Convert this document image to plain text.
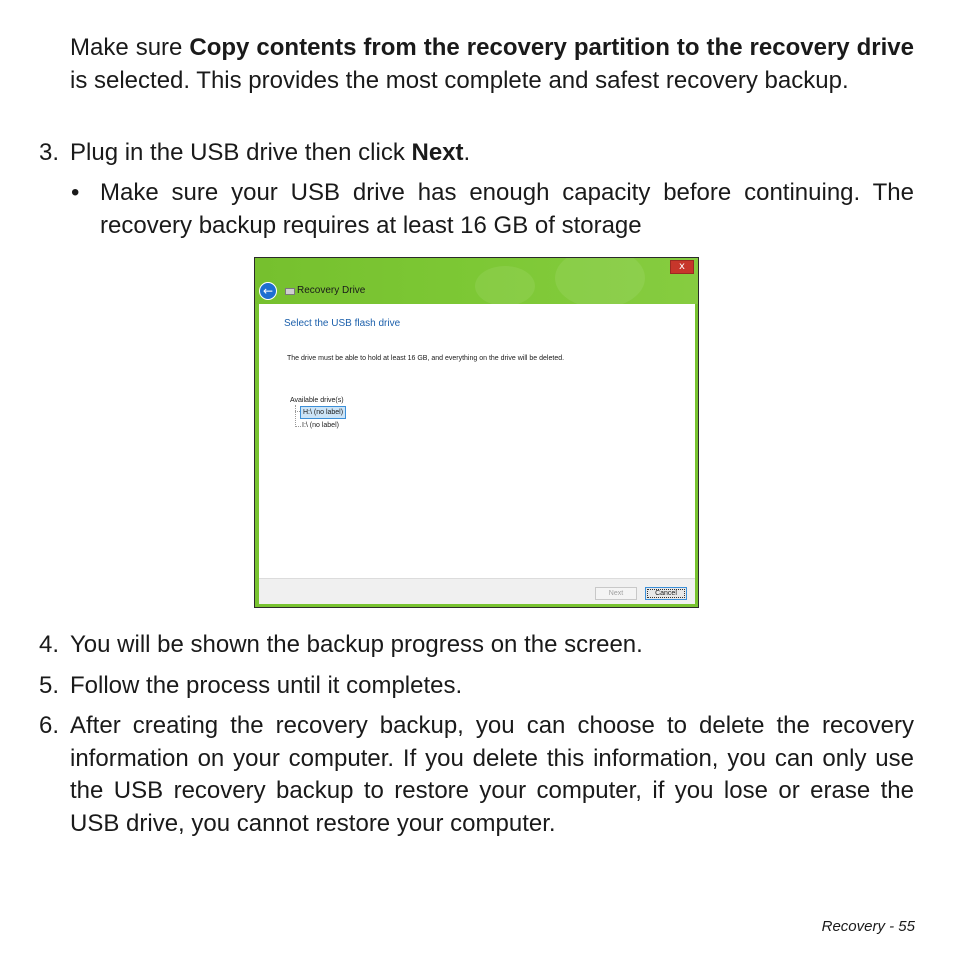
Make sure Copy contents from the recovery partition to the recovery drive is selected. This provides the most complete and safest recovery backup.

3. Plug in the USB drive then click Next.

• Make sure your USB drive has enough capacity before continuing. The recovery backup requires at least 16 GB of storage

x
←	Recovery Drive
Select the USB flash drive
The drive must be able to hold at least 16 GB, and everything on the drive will be deleted.
Available drive(s)
H:\ (no label)
I:\ (no label)
Next	Cancel
4. You will be shown the backup progress on the screen.

5. Follow the process until it completes.

6. After creating the recovery backup, you can choose to delete the recovery information on your computer. If you delete this information, you can only use the USB recovery backup to restore your computer, if you lose or erase the USB drive, you cannot restore your computer.

Recovery - 55
